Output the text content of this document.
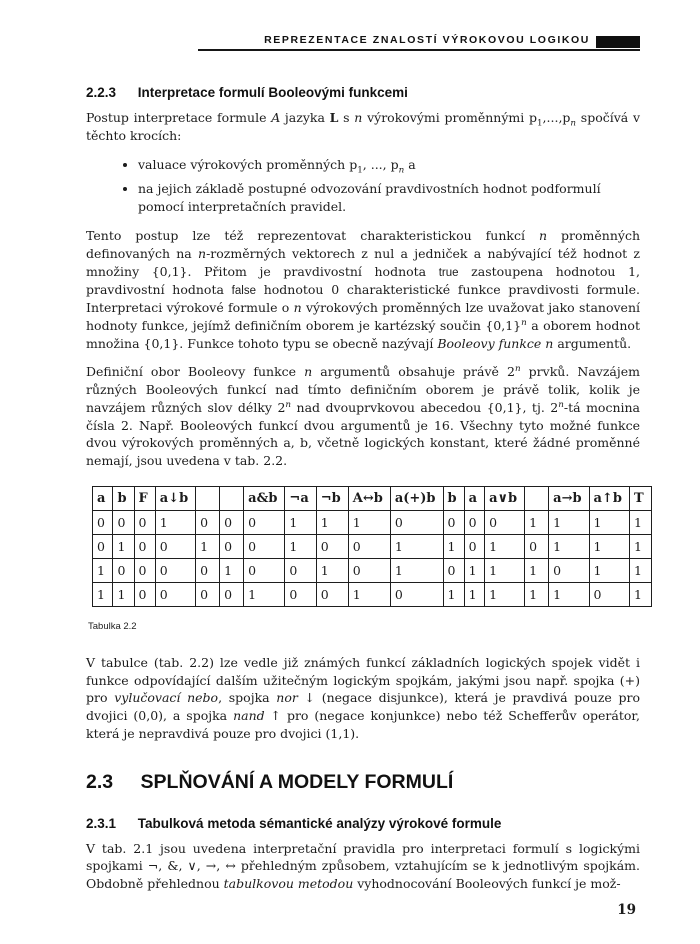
REPREZENTACE ZNALOSTÍ VÝROKOVOU LOGIKOU
2.2.3 Interpretace formulí Booleovými funkcemi

Postup interpretace formule A jazyka L s n výrokovými proměnnými $p_1,...,p_n$ spočívá v těchto krocích:

• valuace výrokových proměnných $p_1$, ..., $p_n$ a
• na jejich základě postupné odvozování pravdivostních hodnot podformulí pomocí interpretačních pravidel.

Tento postup lze též reprezentovat charakteristickou funkcí n proměnných definovaných na n-rozměrných vektorech z nul a jedniček a nabývající též hodnot z množiny {0,1}. Přitom je pravdivostní hodnota true zastoupena hodnotou 1, pravdivostní hodnota false hodnotou 0 charakteristické funkce pravdivosti formule. Interpretaci výrokové formule o n výrokových proměnných lze uvažovat jako stanovení hodnoty funkce, jejímž definičním oborem je kartézský součin $\{0,1\}^n$ a oborem hodnot množina {0,1}. Funkce tohoto typu se obecně nazývají Booleovy funkce n argumentů.

Definiční obor Booleovy funkce n argumentů obsahuje právě 2$^n$ prvků. Navzájem různých Booleových funkcí nad tímto definičním oborem je právě tolik, kolik je navzájem různých slov délky 2$^n$ nad dvouprvkovou abecedou {0,1}, tj. 2$^n$-tá mocnina čísla 2. Např. Booleových funkcí dvou argumentů je 16. Všechny tyto možné funkce dvou výrokových proměnných a, b, včetně logických konstant, které žádné proměnné nemají, jsou uvedena v tab. 2.2.

a	b	F	a↓b			a&b	¬a	¬b	A↔b	a(+)b	b	a	a∨b		a→b	a↑b	T
0	0	0	1	0	0	0	1	1	1	0	0	0	0	1	1	1	1
0	1	0	0	1	0	0	1	0	0	1	1	0	1	0	1	1	1
1	0	0	0	0	1	0	0	1	0	1	0	1	1	1	0	1	1
1	1	0	0	0	0	1	0	0	1	0	1	1	1	1	1	0	1
Tabulka 2.2

V tabulce (tab. 2.2) lze vedle již známých funkcí základních logických spojek vidět i funkce odpovídající dalším užitečným logickým spojkám, jakými jsou např. spojka (+) pro vylučovací nebo, spojka nor ↓ (negace disjunkce), která je pravdivá pouze pro dvojici (0,0), a spojka nand ↑ pro (negace konjunkce) nebo též Schefferův operátor, která je nepravdivá pouze pro dvojici (1,1).

2.3 SPLŇOVÁNÍ A MODELY FORMULÍ
2.3.1 Tabulková metoda sémantické analýzy výrokové formule

V tab. 2.1 jsou uvedena interpretační pravidla pro interpretaci formulí s logickými spojkami ¬, &, ∨, →, ↔ přehledným způsobem, vztahujícím se k jednotlivým spojkám. Obdobně přehlednou tabulkovou metodou vyhodnocování Booleových funkcí je mož-

19
